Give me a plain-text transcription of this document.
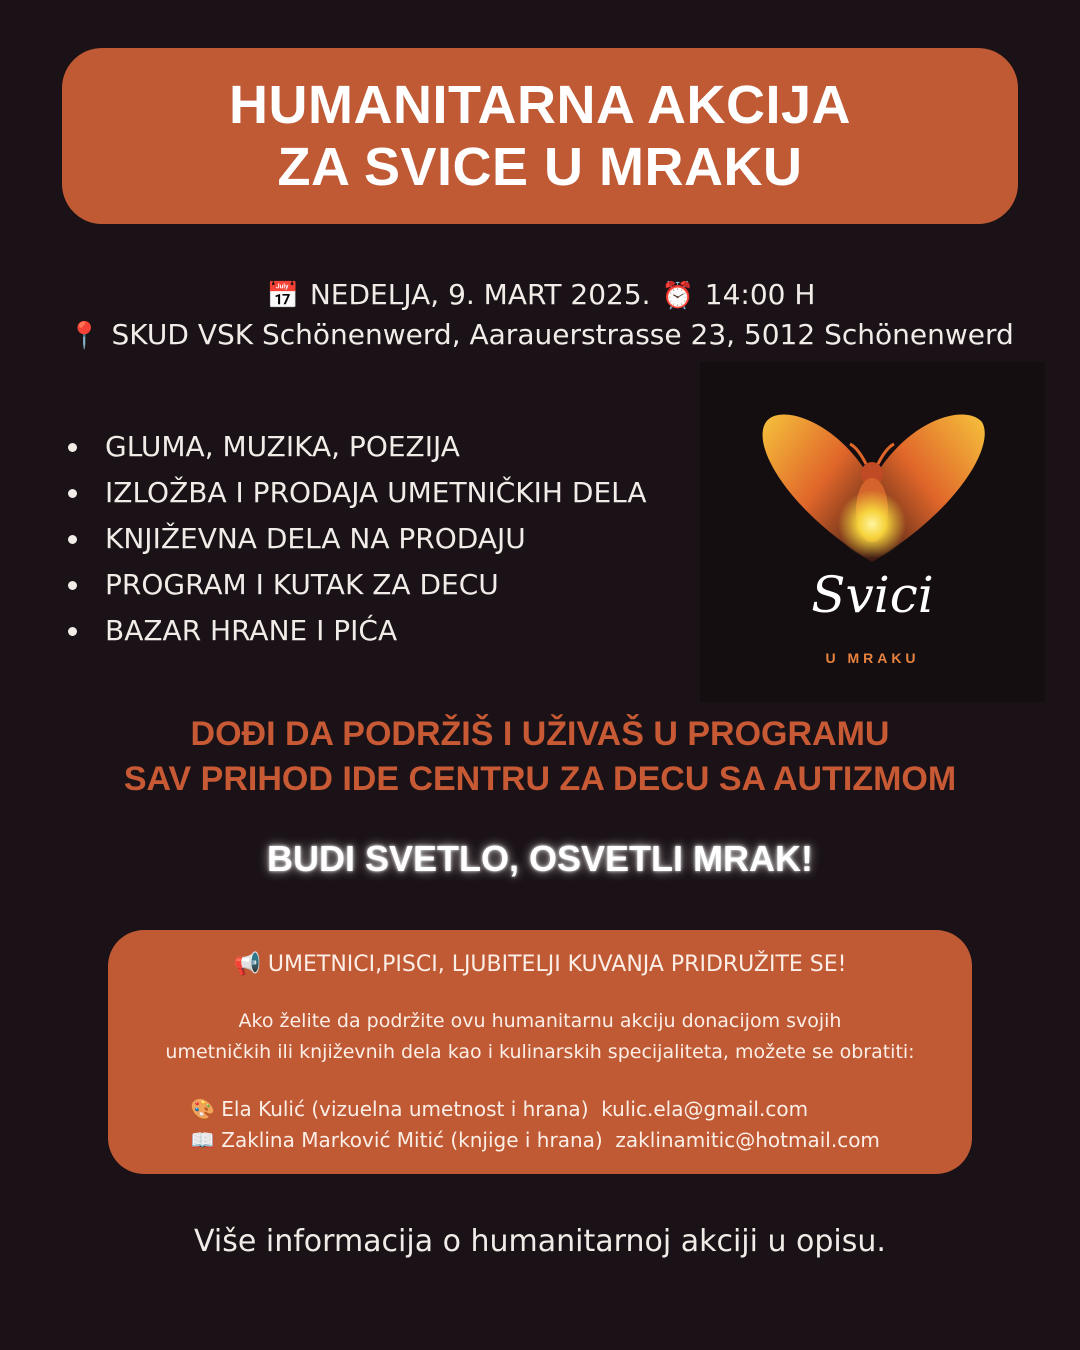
HUMANITARNA AKCIJA
ZA SVICE U MRAKU
📅 NEDELJA, 9. MART 2025. ⏰ 14:00 H
📍 SKUD VSK Schönenwerd, Aarauerstrasse 23, 5012 Schönenwerd
GLUMA, MUZIKA, POEZIJA
IZLOŽBA I PRODAJA UMETNIČKIH DELA
KNJIŽEVNA DELA NA PRODAJU
PROGRAM I KUTAK ZA DECU
BAZAR HRANE I PIĆA
Svici
U MRAKU
DOĐI DA PODRŽIŠ I UŽIVAŠ U PROGRAMU
SAV PRIHOD IDE CENTRU ZA DECU SA AUTIZMOM
BUDI SVETLO, OSVETLI MRAK!
📢 UMETNICI,PISCI, LJUBITELJI KUVANJA PRIDRUŽITE SE!
Ako želite da podržite ovu humanitarnu akciju donacijom svojih
umetničkih ili književnih dela kao i kulinarskih specijaliteta, možete se obratiti:
🎨 Ela Kulić (vizuelna umetnost i hrana) kulic.ela@gmail.com
📖 Zaklina Marković Mitić (knjige i hrana) zaklinamitic@hotmail.com
Više informacija o humanitarnoj akciji u opisu.
